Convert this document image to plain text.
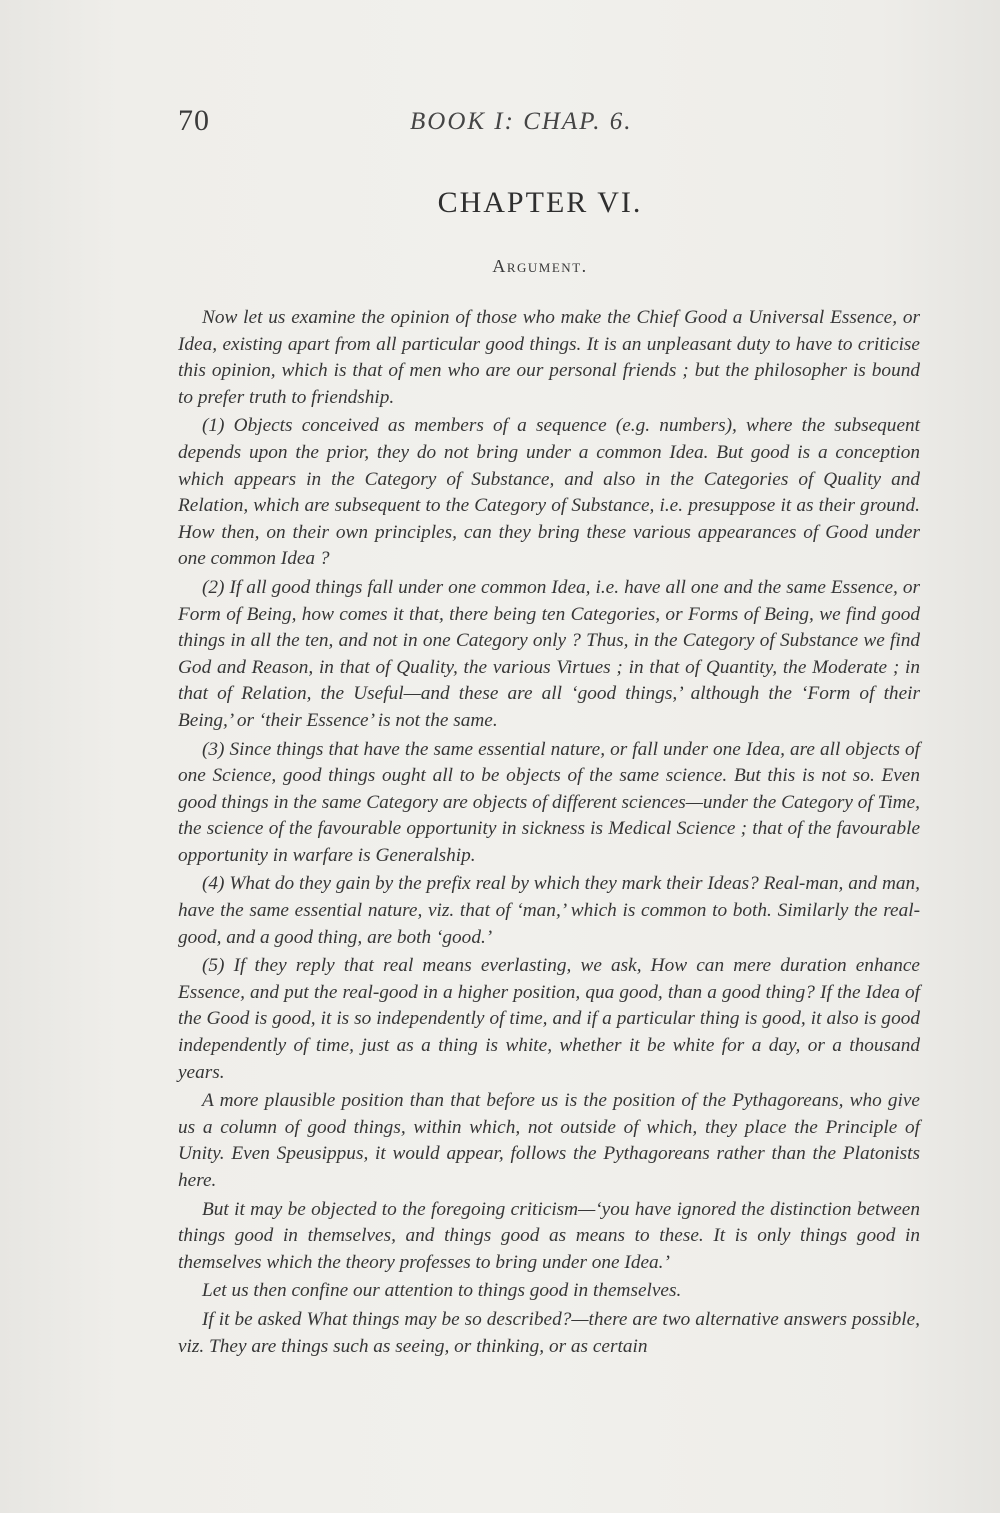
70	BOOK I: CHAP. 6.
CHAPTER VI.
Argument.

Now let us examine the opinion of those who make the Chief Good a Universal Essence, or Idea, existing apart from all particular good things. It is an unpleasant duty to have to criticise this opinion, which is that of men who are our personal friends ; but the philosopher is bound to prefer truth to friendship.

(1) Objects conceived as members of a sequence (e.g. numbers), where the subsequent depends upon the prior, they do not bring under a common Idea. But good is a conception which appears in the Category of Substance, and also in the Categories of Quality and Relation, which are subsequent to the Category of Substance, i.e. presuppose it as their ground. How then, on their own principles, can they bring these various appearances of Good under one common Idea ?

(2) If all good things fall under one common Idea, i.e. have all one and the same Essence, or Form of Being, how comes it that, there being ten Categories, or Forms of Being, we find good things in all the ten, and not in one Category only ? Thus, in the Category of Substance we find God and Reason, in that of Quality, the various Virtues ; in that of Quantity, the Moderate ; in that of Relation, the Useful—and these are all ‘good things,’ although the ‘Form of their Being,’ or ‘their Essence’ is not the same.

(3) Since things that have the same essential nature, or fall under one Idea, are all objects of one Science, good things ought all to be objects of the same science. But this is not so. Even good things in the same Category are objects of different sciences—under the Category of Time, the science of the favourable opportunity in sickness is Medical Science ; that of the favourable opportunity in warfare is Generalship.

(4) What do they gain by the prefix real by which they mark their Ideas? Real-man, and man, have the same essential nature, viz. that of ‘man,’ which is common to both. Similarly the real-good, and a good thing, are both ‘good.’

(5) If they reply that real means everlasting, we ask, How can mere duration enhance Essence, and put the real-good in a higher position, qua good, than a good thing? If the Idea of the Good is good, it is so independently of time, and if a particular thing is good, it also is good independently of time, just as a thing is white, whether it be white for a day, or a thousand years.

A more plausible position than that before us is the position of the Pythagoreans, who give us a column of good things, within which, not outside of which, they place the Principle of Unity. Even Speusippus, it would appear, follows the Pythagoreans rather than the Platonists here.

But it may be objected to the foregoing criticism—‘you have ignored the distinction between things good in themselves, and things good as means to these. It is only things good in themselves which the theory professes to bring under one Idea.’

Let us then confine our attention to things good in themselves.

If it be asked What things may be so described?—there are two alternative answers possible, viz. They are things such as seeing, or thinking, or as certain
